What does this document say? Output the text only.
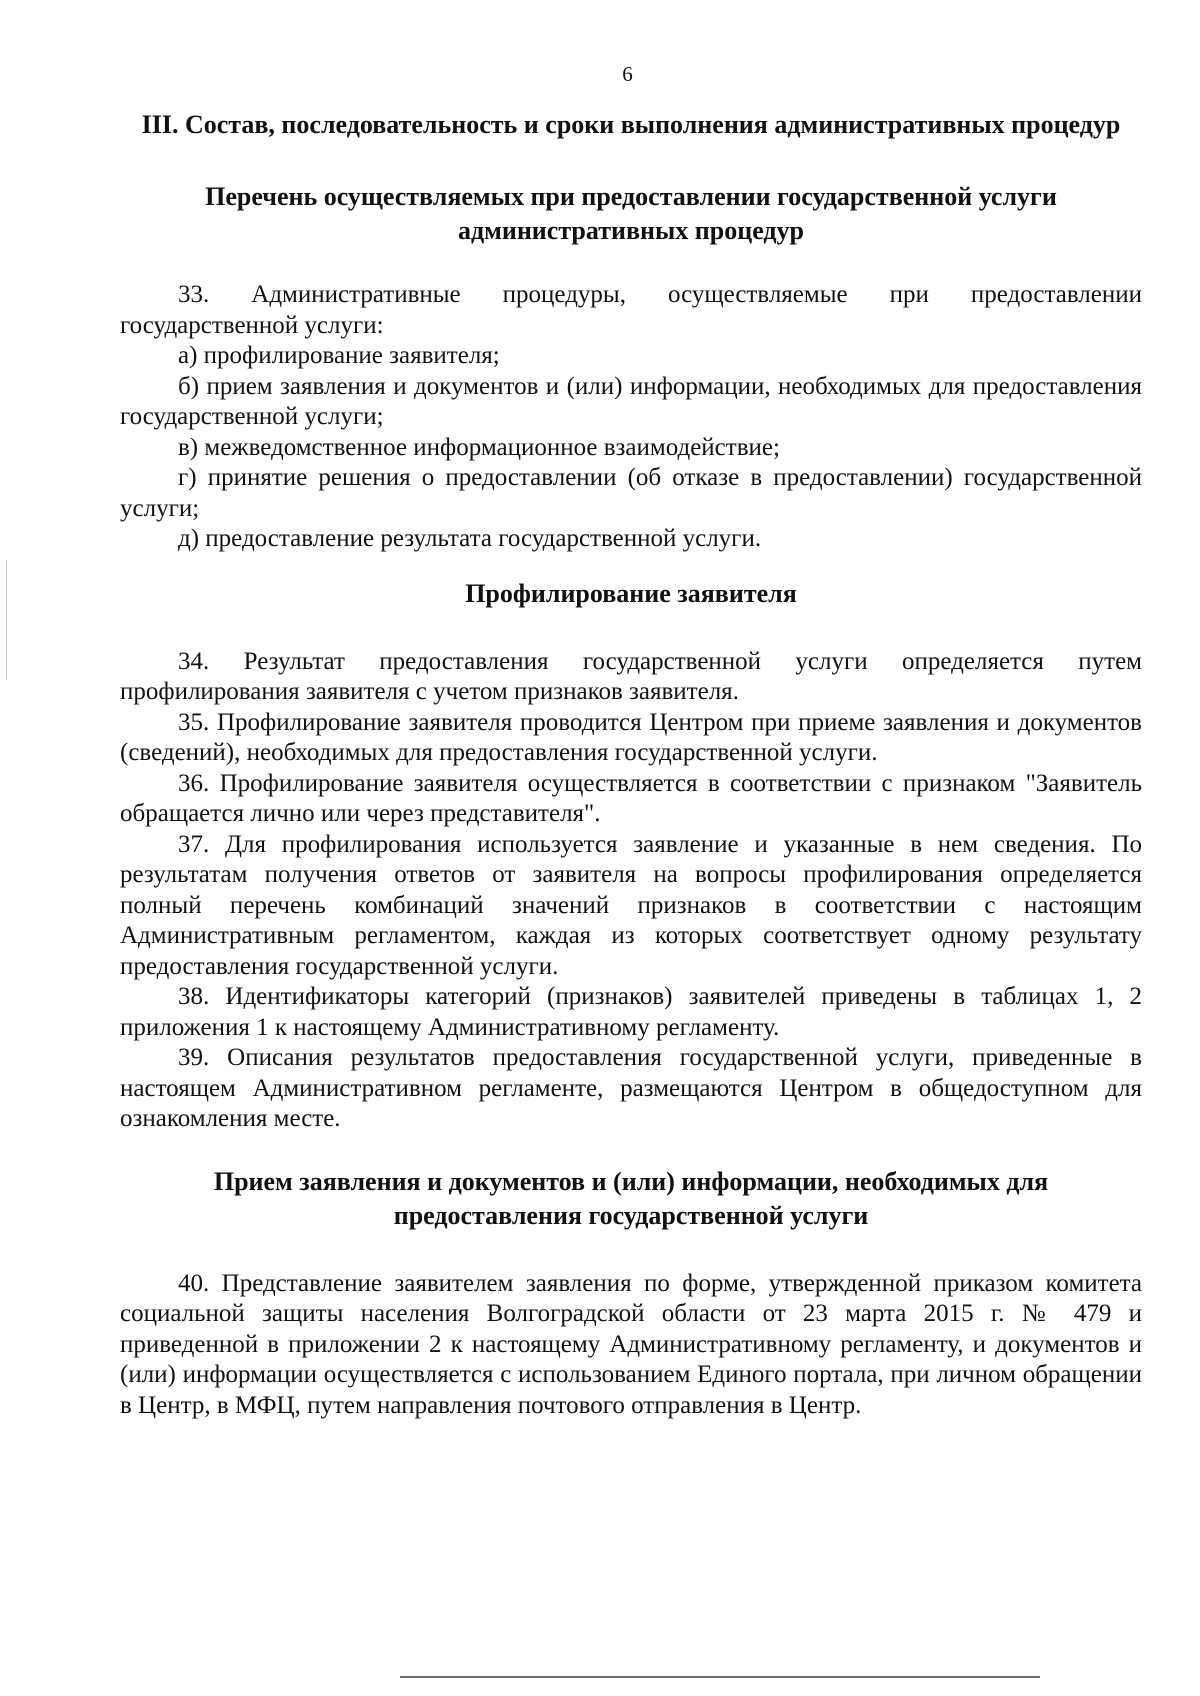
6
III. Состав, последовательность и сроки выполнения административных процедур
Перечень осуществляемых при предоставлении государственной услуги административных процедур

33. Административные процедуры, осуществляемые при предоставлении государственной услуги:

а) профилирование заявителя;

б) прием заявления и документов и (или) информации, необходимых для предоставления государственной услуги;

в) межведомственное информационное взаимодействие;

г) принятие решения о предоставлении (об отказе в предоставлении) государственной услуги;

д) предоставление результата государственной услуги.

Профилирование заявителя

34. Результат предоставления государственной услуги определяется путем профилирования заявителя с учетом признаков заявителя.

35. Профилирование заявителя проводится Центром при приеме заявления и документов (сведений), необходимых для предоставления государственной услуги.

36. Профилирование заявителя осуществляется в соответствии с признаком "Заявитель обращается лично или через представителя".

37. Для профилирования используется заявление и указанные в нем сведения. По результатам получения ответов от заявителя на вопросы профилирования определяется полный перечень комбинаций значений признаков в соответствии с настоящим Административным регламентом, каждая из которых соответствует одному результату предоставления государственной услуги.

38. Идентификаторы категорий (признаков) заявителей приведены в таблицах 1, 2 приложения 1 к настоящему Административному регламенту.

39. Описания результатов предоставления государственной услуги, приведенные в настоящем Административном регламенте, размещаются Центром в общедоступном для ознакомления месте.

Прием заявления и документов и (или) информации, необходимых для предоставления государственной услуги

40. Представление заявителем заявления по форме, утвержденной приказом комитета социальной защиты населения Волгоградской области от 23 марта 2015 г. № 479 и приведенной в приложении 2 к настоящему Административному регламенту, и документов и (или) информации осуществляется с использованием Единого портала, при личном обращении в Центр, в МФЦ, путем направления почтового отправления в Центр.
